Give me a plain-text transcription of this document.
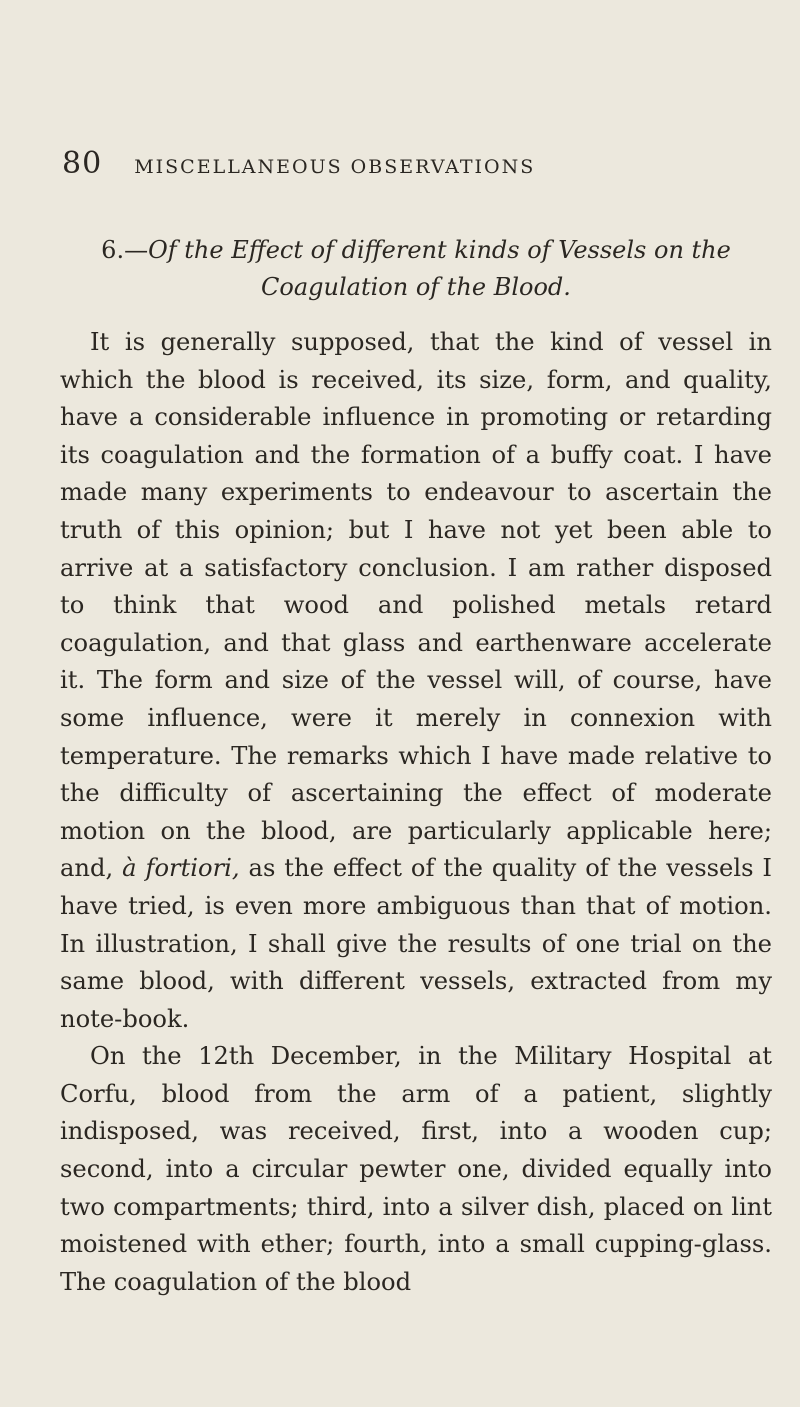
80 MISCELLANEOUS OBSERVATIONS
6.—Of the Effect of different kinds of Vessels on the Coagulation of the Blood.

It is generally supposed, that the kind of vessel in which the blood is received, its size, form, and quality, have a considerable influence in promoting or retarding its coagulation and the formation of a buffy coat. I have made many experiments to endeavour to ascertain the truth of this opinion; but I have not yet been able to arrive at a satisfactory conclusion. I am rather disposed to think that wood and polished metals retard coagulation, and that glass and earthenware accelerate it. The form and size of the vessel will, of course, have some influence, were it merely in connexion with temperature. The remarks which I have made relative to the difficulty of ascertaining the effect of moderate motion on the blood, are particularly applicable here; and, à fortiori, as the effect of the quality of the vessels I have tried, is even more ambiguous than that of motion. In illustration, I shall give the results of one trial on the same blood, with different vessels, extracted from my note-book.

On the 12th December, in the Military Hospital at Corfu, blood from the arm of a patient, slightly indisposed, was received, first, into a wooden cup; second, into a circular pewter one, divided equally into two compartments; third, into a silver dish, placed on lint moistened with ether; fourth, into a small cupping-glass. The coagulation of the blood
